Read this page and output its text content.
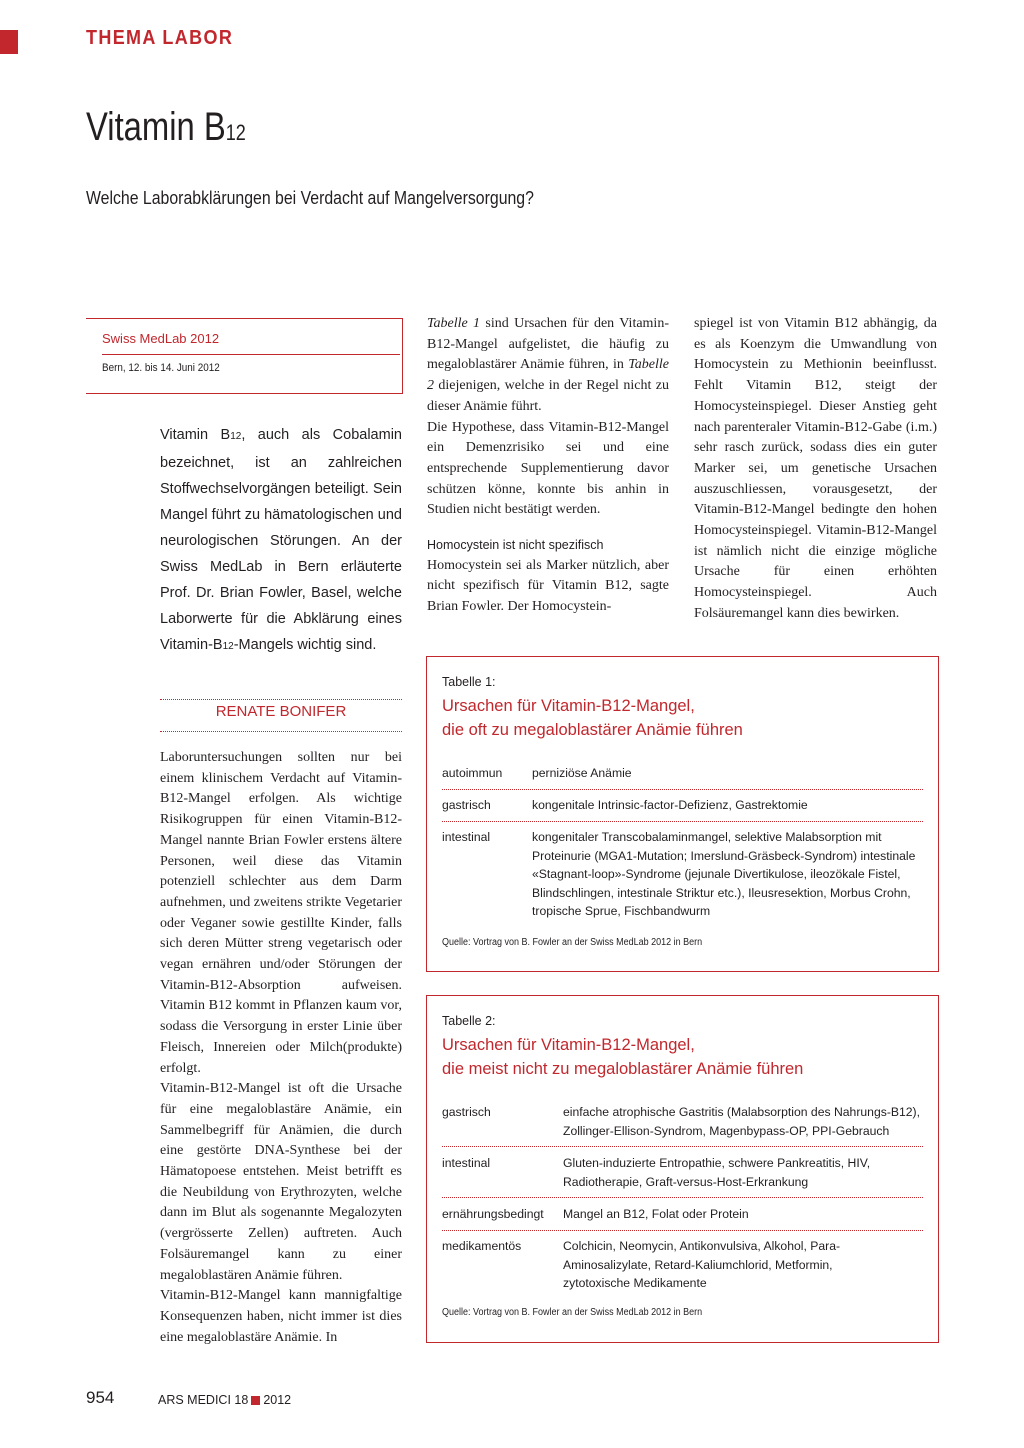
THEMA LABOR
Vitamin B12
Welche Laborabklärungen bei Verdacht auf Mangelversorgung?
Swiss MedLab 2012
Bern, 12. bis 14. Juni 2012
Vitamin B12, auch als Cobalamin bezeichnet, ist an zahlreichen Stoffwechselvorgängen beteiligt. Sein Mangel führt zu hämatologischen und neurologischen Störungen. An der Swiss MedLab in Bern erläuterte Prof. Dr. Brian Fowler, Basel, welche Laborwerte für die Abklärung eines Vitamin-B12-Mangels wichtig sind.
RENATE BONIFER

Laboruntersuchungen sollten nur bei einem klinischem Verdacht auf Vitamin-B12-Mangel erfolgen. Als wichtige Risikogruppen für einen Vitamin-B12-Mangel nannte Brian Fowler erstens ältere Personen, weil diese das Vitamin potenziell schlechter aus dem Darm aufnehmen, und zweitens strikte Vegetarier oder Veganer sowie gestillte Kinder, falls sich deren Mütter streng vegetarisch oder vegan ernähren und/oder Störungen der Vitamin-B12-Absorption aufweisen. Vitamin B12 kommt in Pflanzen kaum vor, sodass die Versorgung in erster Linie über Fleisch, Innereien oder Milch(produkte) erfolgt.

Vitamin-B12-Mangel ist oft die Ursache für eine megaloblastäre Anämie, ein Sammelbegriff für Anämien, die durch eine gestörte DNA-Synthese bei der Hämatopoese entstehen. Meist betrifft es die Neubildung von Erythrozyten, welche dann im Blut als sogenannte Megalozyten (vergrösserte Zellen) auftreten. Auch Folsäuremangel kann zu einer megaloblastären Anämie führen.

Vitamin-B12-Mangel kann mannigfaltige Konsequenzen haben, nicht immer ist dies eine megaloblastäre Anämie. In

Tabelle 1 sind Ursachen für den Vitamin-B12-Mangel aufgelistet, die häufig zu megaloblastärer Anämie führen, in Tabelle 2 diejenigen, welche in der Regel nicht zu dieser Anämie führt.

Die Hypothese, dass Vitamin-B12-Mangel ein Demenzrisiko sei und eine entsprechende Supplementierung davor schützen könne, konnte bis anhin in Studien nicht bestätigt werden.

Homocystein ist nicht spezifisch

Homocystein sei als Marker nützlich, aber nicht spezifisch für Vitamin B12, sagte Brian Fowler. Der Homocystein-

spiegel ist von Vitamin B12 abhängig, da es als Koenzym die Umwandlung von Homocystein zu Methionin beeinflusst. Fehlt Vitamin B12, steigt der Homocysteinspiegel. Dieser Anstieg geht nach parenteraler Vitamin-B12-Gabe (i.m.) sehr rasch zurück, sodass dies ein guter Marker sei, um genetische Ursachen auszuschliessen, vorausgesetzt, der Vitamin-B12-Mangel bedingte den hohen Homocysteinspiegel. Vitamin-B12-Mangel ist nämlich nicht die einzige mögliche Ursache für einen erhöhten Homocysteinspiegel. Auch Folsäuremangel kann dies bewirken.

Tabelle 1:
Ursachen für Vitamin-B12-Mangel,
die oft zu megaloblastärer Anämie führen
autoimmun perniziöse Anämie
gastrisch	kongenitale Intrinsic-factor-Defizienz, Gastrektomie
intestinal	kongenitaler Transcobalaminmangel, selektive Malabsorption mit Proteinurie (MGA1-Mutation; Imerslund-Gräsbeck-Syndrom) intestinale «Stagnant-loop»-Syndrome (jejunale Divertikulose, ileozökale Fistel, Blindschlingen, intestinale Striktur etc.), Ileusresektion, Morbus Crohn, tropische Sprue, Fischbandwurm
Quelle: Vortrag von B. Fowler an der Swiss MedLab 2012 in Bern
Tabelle 2:
Ursachen für Vitamin-B12-Mangel,
die meist nicht zu megaloblastärer Anämie führen
gastrisch	einfache atrophische Gastritis (Malabsorption des Nahrungs-B12), Zollinger-Ellison-Syndrom, Magenbypass-OP, PPI-Gebrauch
intestinal	Gluten-induzierte Entropathie, schwere Pankreatitis, HIV, Radiotherapie, Graft-versus-Host-Erkrankung
ernährungsbedingt Mangel an B12, Folat oder Protein
medikamentös	Colchicin, Neomycin, Antikonvulsiva, Alkohol, Para-Aminosalizylate, Retard-Kaliumchlorid, Metformin, zytotoxische Medikamente
Quelle: Vortrag von B. Fowler an der Swiss MedLab 2012 in Bern
954	ARS MEDICI 18 2012
